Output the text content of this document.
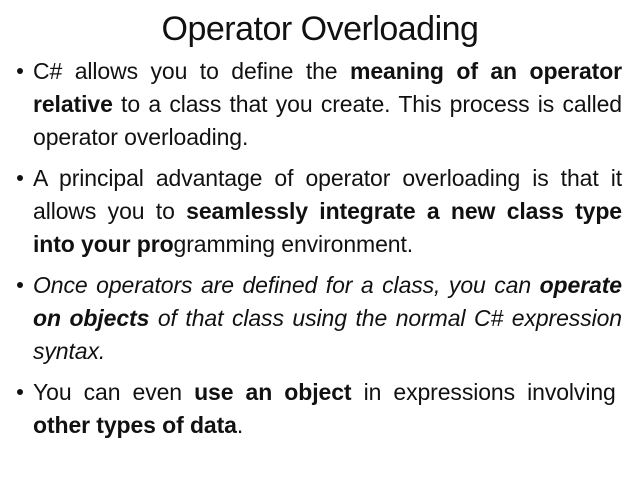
Operator Overloading
C# allows you to define the meaning of an operator relative to a class that you create. This process is called operator overloading.
A principal advantage of operator overloading is that it allows you to seamlessly integrate a new class type into your programming environment.
Once operators are defined for a class, you can operate on objects of that class using the normal C# expression syntax.
You can even use an object in expressions involving  other types of data.
